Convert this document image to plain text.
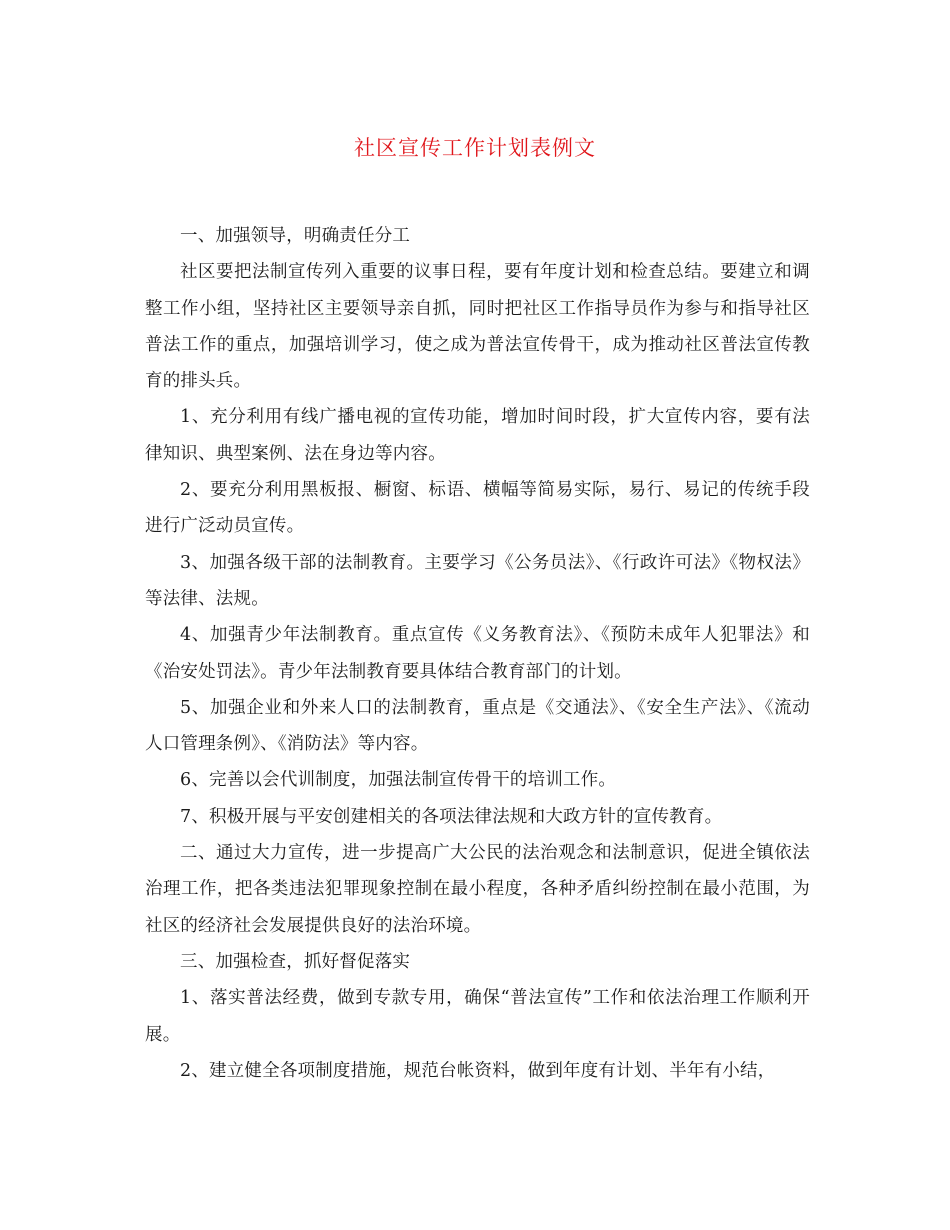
社区宣传工作计划表例文

一、加强领导，明确责任分工

社区要把法制宣传列入重要的议事日程，要有年度计划和检查总结。要建立和调整工作小组，坚持社区主要领导亲自抓，同时把社区工作指导员作为参与和指导社区普法工作的重点，加强培训学习，使之成为普法宣传骨干，成为推动社区普法宣传教育的排头兵。

1、充分利用有线广播电视的宣传功能，增加时间时段，扩大宣传内容，要有法律知识、典型案例、法在身边等内容。

2、要充分利用黑板报、橱窗、标语、横幅等简易实际，易行、易记的传统手段进行广泛动员宣传。

3、加强各级干部的法制教育。主要学习《公务员法》、《行政许可法》《物权法》等法律、法规。

4、加强青少年法制教育。重点宣传《义务教育法》、《预防未成年人犯罪法》和《治安处罚法》。青少年法制教育要具体结合教育部门的计划。

5、加强企业和外来人口的法制教育，重点是《交通法》、《安全生产法》、《流动人口管理条例》、《消防法》等内容。

6、完善以会代训制度，加强法制宣传骨干的培训工作。

7、积极开展与平安创建相关的各项法律法规和大政方针的宣传教育。

二、通过大力宣传，进一步提高广大公民的法治观念和法制意识，促进全镇依法治理工作，把各类违法犯罪现象控制在最小程度，各种矛盾纠纷控制在最小范围，为社区的经济社会发展提供良好的法治环境。

三、加强检查，抓好督促落实

1、落实普法经费，做到专款专用，确保“普法宣传”工作和依法治理工作顺利开展。

2、建立健全各项制度措施，规范台帐资料，做到年度有计划、半年有小结，
